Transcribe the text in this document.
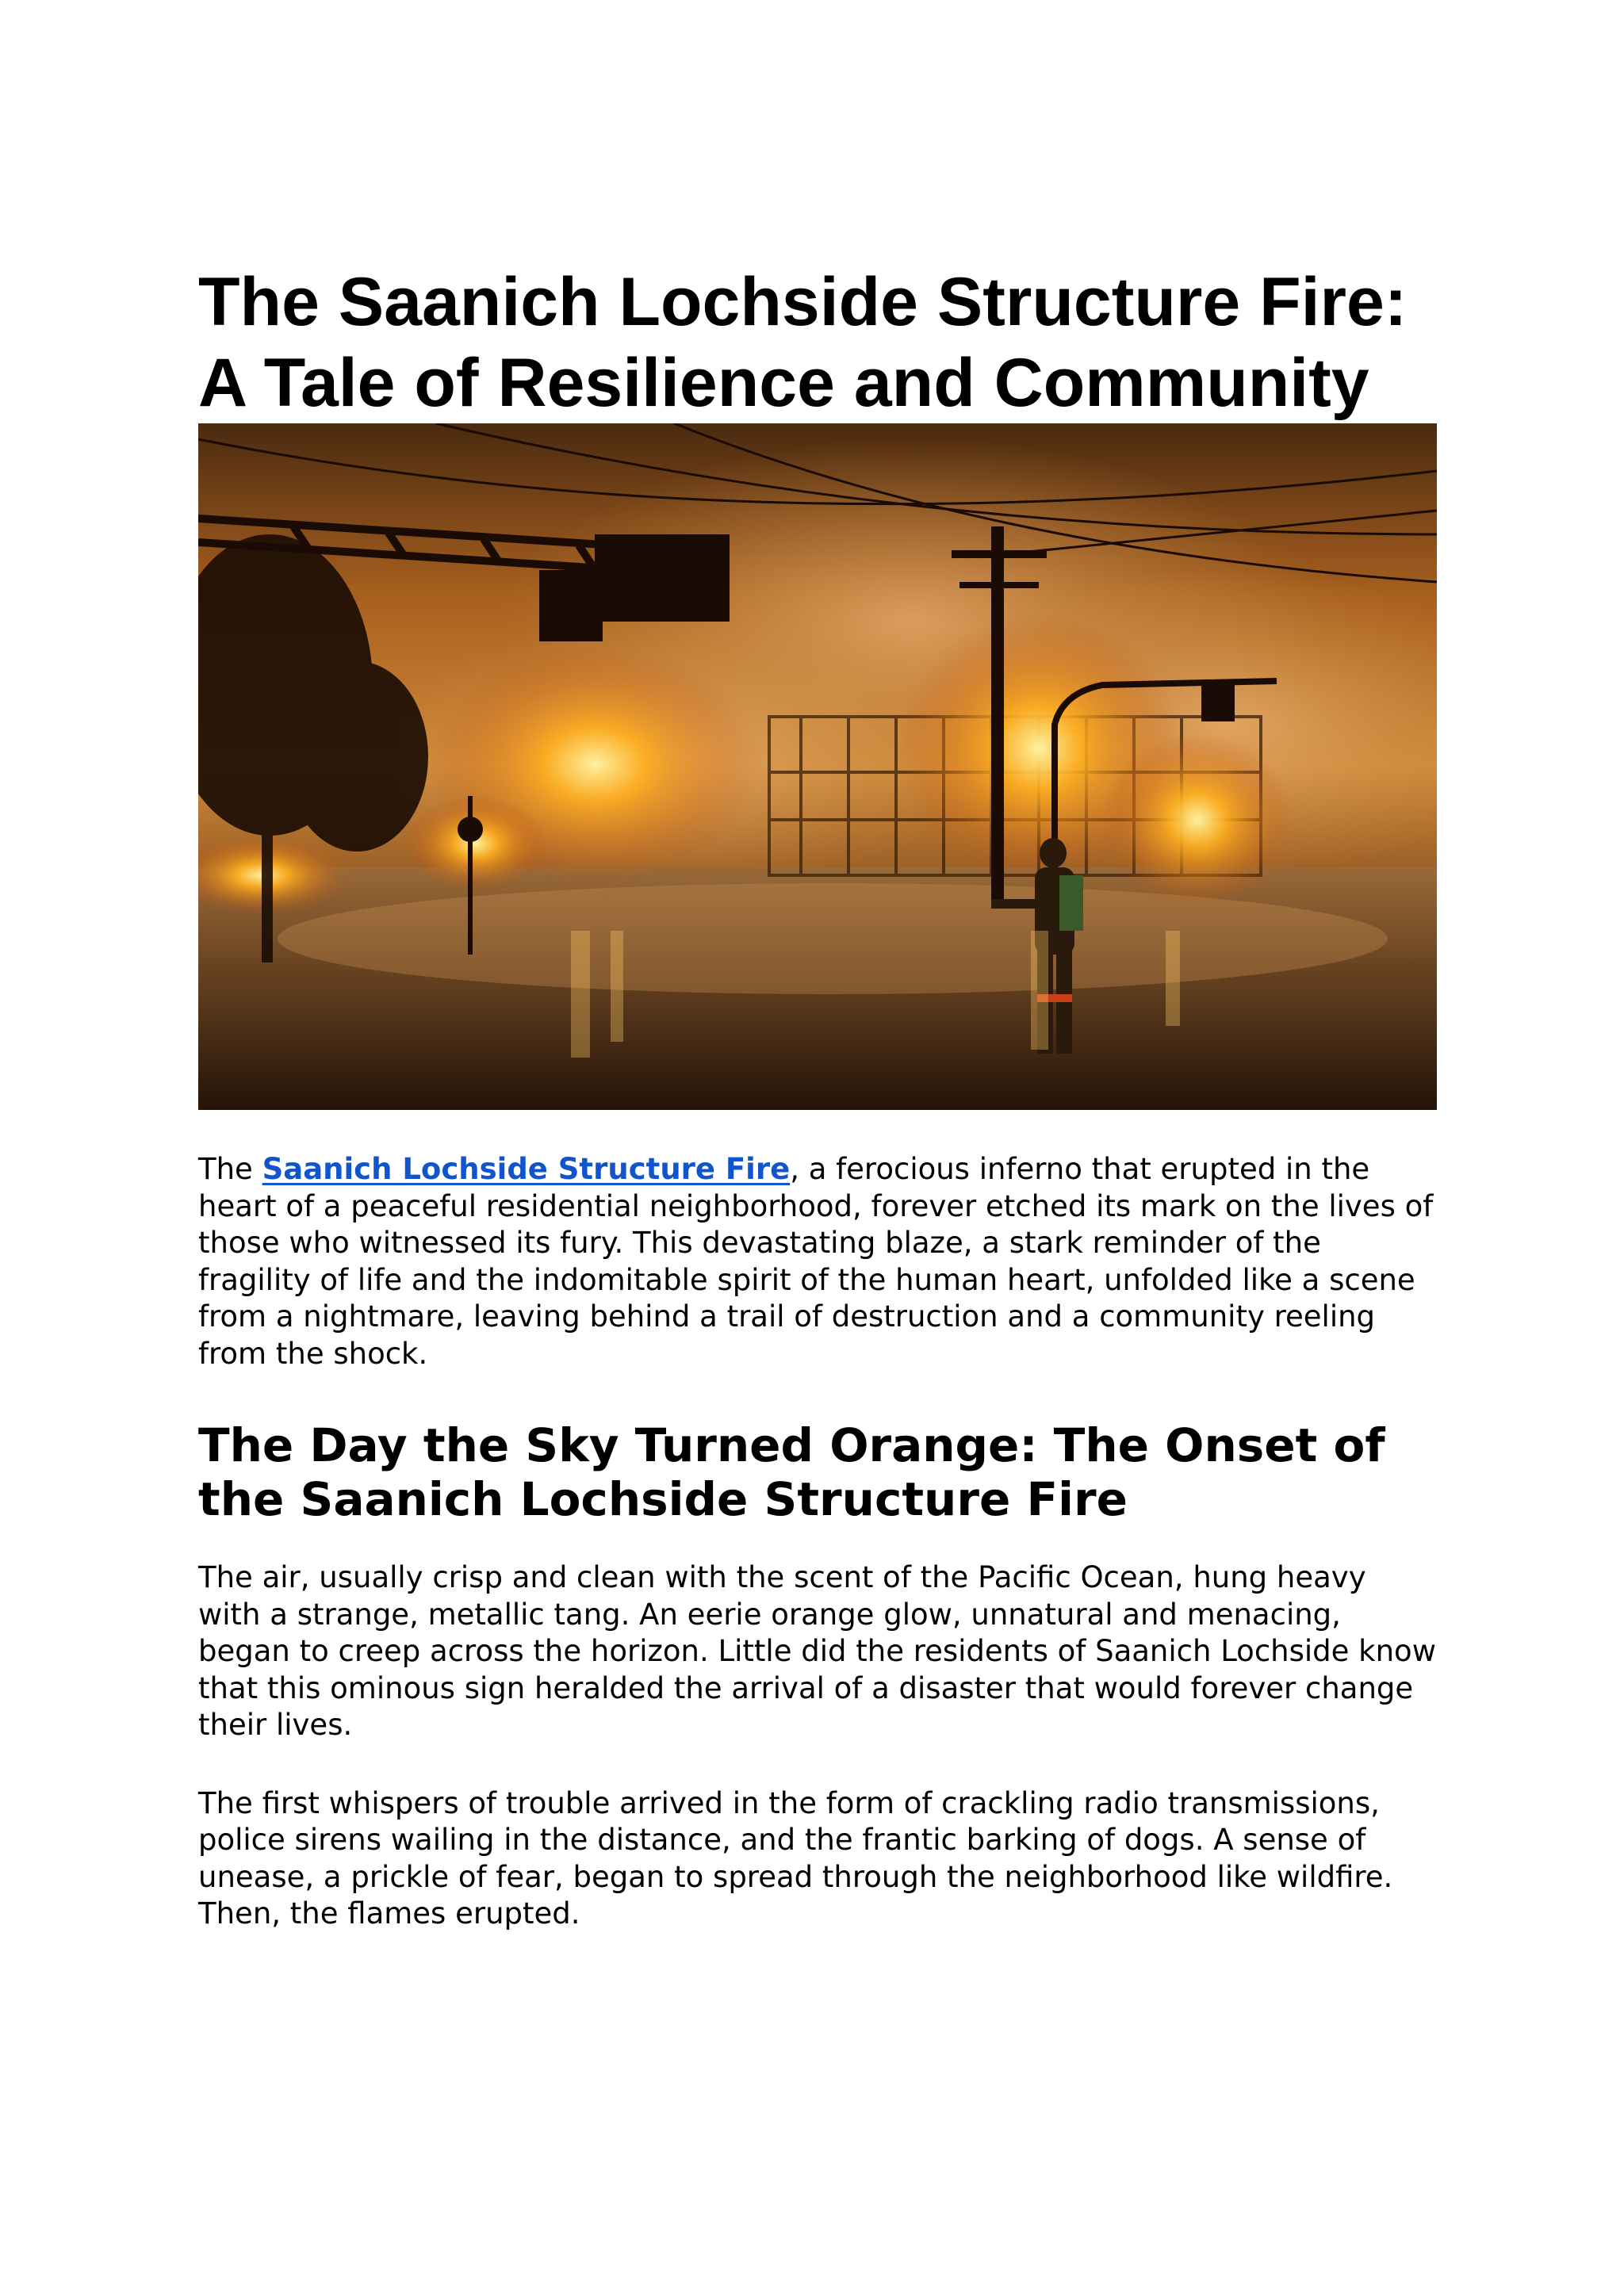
The Saanich Lochside Structure Fire: A Tale of Resilience and Community

The Saanich Lochside Structure Fire, a ferocious inferno that erupted in the heart of a peaceful residential neighborhood, forever etched its mark on the lives of those who witnessed its fury. This devastating blaze, a stark reminder of the fragility of life and the indomitable spirit of the human heart, unfolded like a scene from a nightmare, leaving behind a trail of destruction and a community reeling from the shock.

The Day the Sky Turned Orange: The Onset of the Saanich Lochside Structure Fire

The air, usually crisp and clean with the scent of the Pacific Ocean, hung heavy with a strange, metallic tang. An eerie orange glow, unnatural and menacing, began to creep across the horizon. Little did the residents of Saanich Lochside know that this ominous sign heralded the arrival of a disaster that would forever change their lives.

The first whispers of trouble arrived in the form of crackling radio transmissions, police sirens wailing in the distance, and the frantic barking of dogs. A sense of unease, a prickle of fear, began to spread through the neighborhood like wildfire. Then, the flames erupted.
